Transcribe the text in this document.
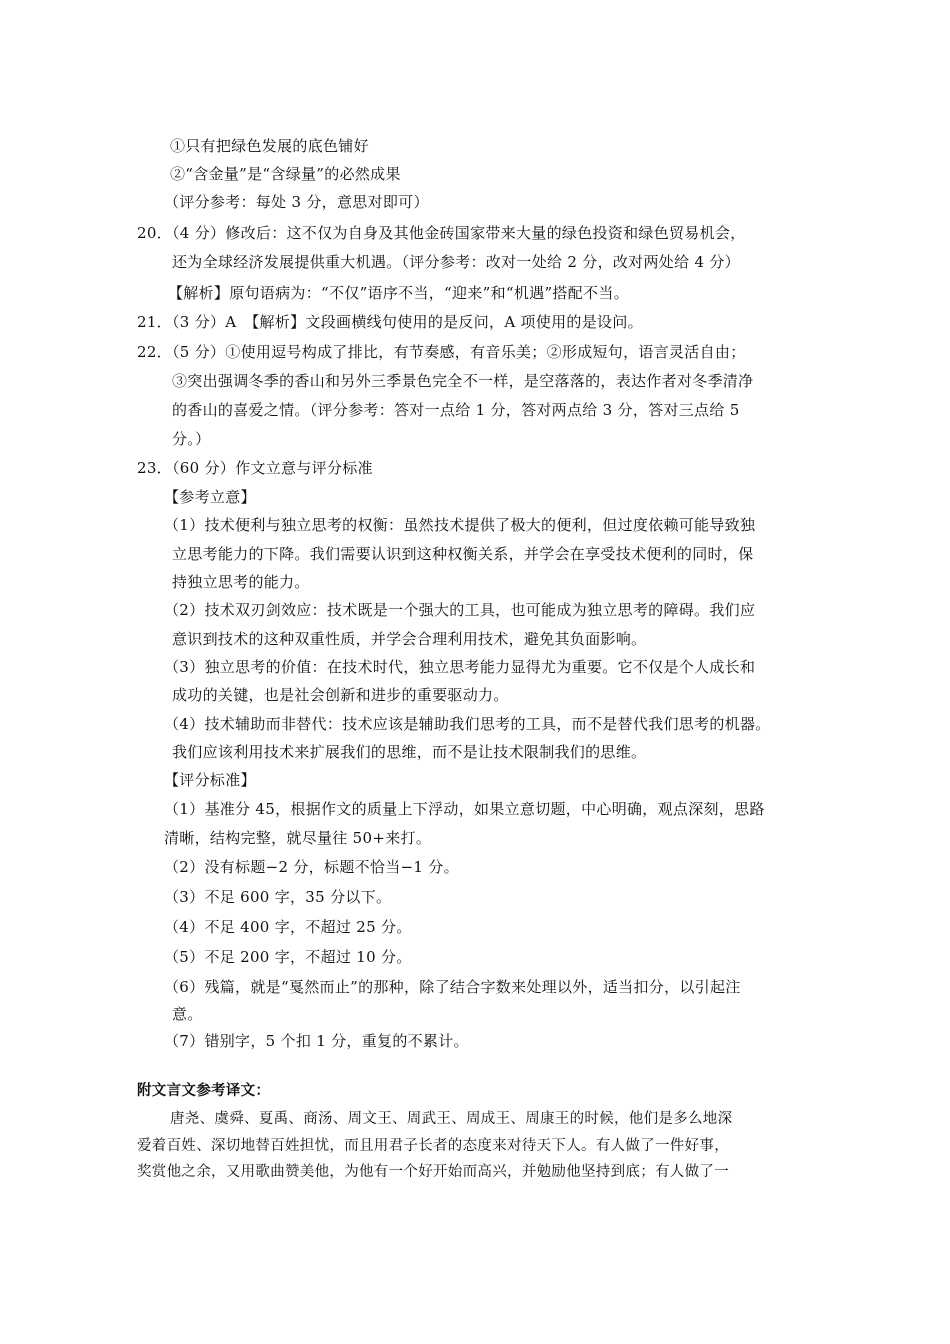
①只有把绿色发展的底色铺好
②“含金量”是“含绿量”的必然成果
（评分参考：每处 3 分，意思对即可）
20．（4 分）修改后：这不仅为自身及其他金砖国家带来大量的绿色投资和绿色贸易机会，
还为全球经济发展提供重大机遇。（评分参考：改对一处给 2 分，改对两处给 4 分）
【解析】原句语病为：“不仅”语序不当，“迎来”和“机遇”搭配不当。
21．（3 分）A　【解析】文段画横线句使用的是反问，A 项使用的是设问。
22．（5 分）①使用逗号构成了排比，有节奏感，有音乐美；②形成短句，语言灵活自由；
③突出强调冬季的香山和另外三季景色完全不一样，是空落落的，表达作者对冬季清净
的香山的喜爱之情。（评分参考：答对一点给 1 分，答对两点给 3 分，答对三点给 5
分。）
23．（60 分）作文立意与评分标准
【参考立意】
（1）技术便利与独立思考的权衡：虽然技术提供了极大的便利，但过度依赖可能导致独
立思考能力的下降。我们需要认识到这种权衡关系，并学会在享受技术便利的同时，保
持独立思考的能力。
（2）技术双刃剑效应：技术既是一个强大的工具，也可能成为独立思考的障碍。我们应
意识到技术的这种双重性质，并学会合理利用技术，避免其负面影响。
（3）独立思考的价值：在技术时代，独立思考能力显得尤为重要。它不仅是个人成长和
成功的关键，也是社会创新和进步的重要驱动力。
（4）技术辅助而非替代：技术应该是辅助我们思考的工具，而不是替代我们思考的机器。
我们应该利用技术来扩展我们的思维，而不是让技术限制我们的思维。
【评分标准】
（1）基准分 45，根据作文的质量上下浮动，如果立意切题，中心明确，观点深刻，思路
清晰，结构完整，就尽量往 50+来打。
（2）没有标题−2 分，标题不恰当−1 分。
（3）不足 600 字，35 分以下。
（4）不足 400 字，不超过 25 分。
（5）不足 200 字，不超过 10 分。
（6）残篇，就是“戛然而止”的那种，除了结合字数来处理以外，适当扣分，以引起注
意。
（7）错别字，5 个扣 1 分，重复的不累计。
附文言文参考译文：
唐尧、虞舜、夏禹、商汤、周文王、周武王、周成王、周康王的时候，他们是多么地深
爱着百姓、深切地替百姓担忧，而且用君子长者的态度来对待天下人。有人做了一件好事，
奖赏他之余，又用歌曲赞美他，为他有一个好开始而高兴，并勉励他坚持到底；有人做了一
